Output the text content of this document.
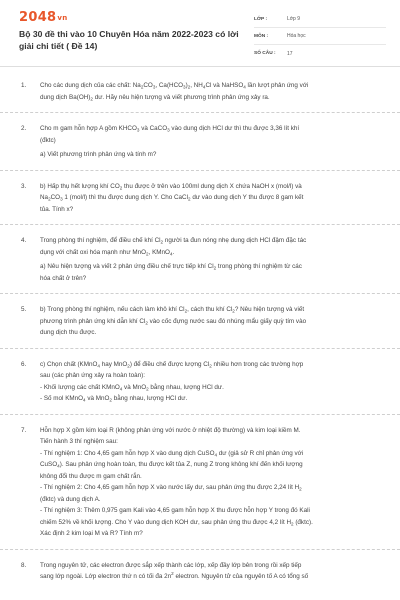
2048vn
Bộ 30 đề thi vào 10 Chuyên Hóa năm 2022-2023 có lời giải chi tiết ( Đề 14)
LỚP :	Lớp 9
MÔN :	Hóa học
SỐ CÂU :	17
1. Cho các dung dịch của các chất: $Na_2CO_3$, $Ca(HCO_3)_2$, $NH_4Cl$ và NaHSO$_4$ lần lượt phản ứng với
dung dịch $Ba(OH)_2$ dư. Hãy nêu hiện tượng và viết phương trình phản ứng xảy ra.
2. Cho m gam hỗn hợp A gồm $KHCO_3$ và CaCO$_3$ vào dung dịch HCl dư thì thu được 3,36 lít khí
(đktc)
a) Viết phương trình phản ứng và tính m?
3. b) Hấp thụ hết lượng khí $CO_2$ thu được ở trên vào 100ml dung dịch X chứa NaOH x (mol/l) và
$Na_2CO_3$ 1 (mol/l) thì thu được dung dịch Y. Cho CaCl$_2$ dư vào dung dịch Y thu được 8 gam kết
tủa. Tính x?
4. Trong phòng thí nghiệm, để điều chế khí $Cl_2$ người ta đun nóng nhẹ dung dịch HCl đậm đặc tác
dụng với chất oxi hóa mạnh như MnO$_2$, KMnO$_4$.
a) Nêu hiện tượng và viết 2 phản ứng điều chế trực tiếp khí $Cl_2$ trong phòng thí nghiệm từ các
hóa chất ở trên?
5. b) Trong phòng thí nghiệm, nếu cách làm khô khí $Cl_2$, cách thu khí $Cl_2$? Nêu hiện tượng và viết
phương trình phản ứng khi dẫn khí $Cl_2$ vào cốc đựng nước sau đó nhúng mẩu giấy quỳ tím vào
dung dịch thu được.
6. c) Chọn chất (KMnO$_4$ hay MnO$_2$) để điều chế được lượng $Cl_2$ nhiều hơn trong các trường hợp
sau (các phản ứng xảy ra hoàn toàn):
- Khối lượng các chất KMnO$_4$ và MnO$_2$ bằng nhau, lượng HCl dư.
- Số mol KMnO$_4$ và MnO$_2$ bằng nhau, lượng HCl dư.
7. Hỗn hợp X gồm kim loại R (không phản ứng với nước ở nhiệt độ thường) và kim loại kiềm M.
Tiến hành 3 thí nghiệm sau:
- Thí nghiệm 1: Cho 4,65 gam hỗn hợp X vào dung dịch CuSO$_4$ dư (giả sử R chỉ phản ứng với
CuSO$_4$). Sau phản ứng hoàn toàn, thu được kết tủa Z, nung Z trong không khí đến khối lượng
không đổi thu được m gam chất rắn.
- Thí nghiệm 2: Cho 4,65 gam hỗn hợp X vào nước lấy dư, sau phản ứng thu được 2,24 lít $H_2$
(đktc) và dung dịch A.
- Thí nghiệm 3: Thêm 0,975 gam Kali vào 4,65 gam hỗn hợp X thu được hỗn hợp Y trong đó Kali
chiếm 52% về khối lượng. Cho Y vào dung dịch KOH dư, sau phản ứng thu được 4,2 lít $H_2$ (đktc).
Xác định 2 kim loại M và R? Tính m?
8. Trong nguyên tử, các electron được sắp xếp thành các lớp, xếp đầy lớp bên trong rồi xếp tiếp
sang lớp ngoài. Lớp electron thứ n có tối đa $2n^2$ electron. Nguyên tử của nguyên tố A có tổng số
